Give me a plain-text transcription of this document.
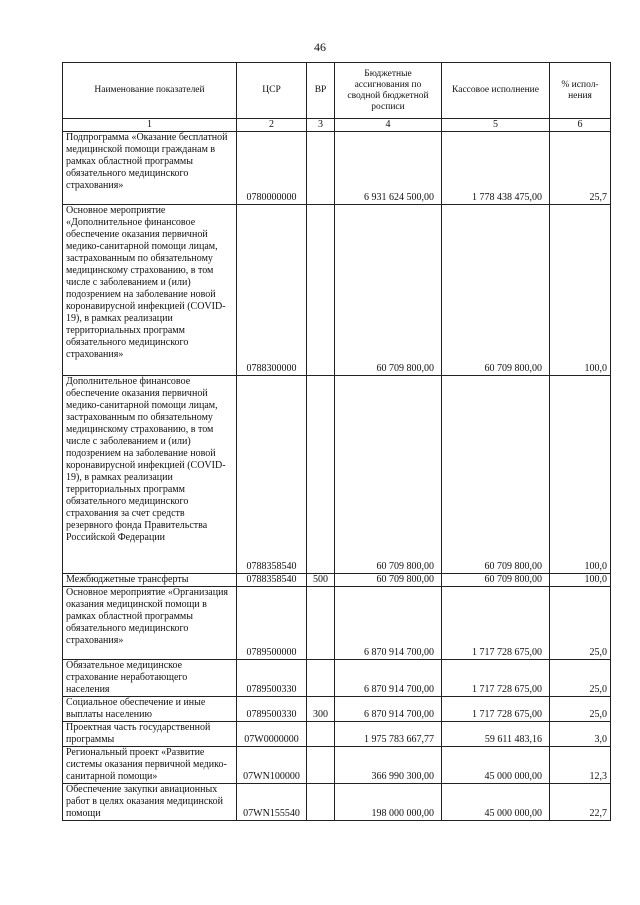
46
Наименование показателей	ЦСР	ВР	Бюджетные ассигнования по сводной бюджетной росписи	Кассовое исполнение	% испол-нения
1	2	3	4	5	6
Подпрограмма «Оказание бесплатной медицинской помощи гражданам в рамках областной программы обязательного медицинского страхования»	0780000000		6 931 624 500,00	1 778 438 475,00	25,7
Основное мероприятие «Дополнительное финансовое обеспечение оказания первичной медико-санитарной помощи лицам, застрахованным по обязательному медицинскому страхованию, в том числе с заболеванием и (или) подозрением на заболевание новой коронавирусной инфекцией (COVID-19), в рамках реализации территориальных программ обязательного медицинского страхования»	0788300000		60 709 800,00	60 709 800,00	100,0
Дополнительное финансовое обеспечение оказания первичной медико-санитарной помощи лицам, застрахованным по обязательному медицинскому страхованию, в том числе с заболеванием и (или) подозрением на заболевание новой коронавирусной инфекцией (COVID-19), в рамках реализации территориальных программ обязательного медицинского страхования за счет средств резервного фонда Правительства Российской Федерации	0788358540		60 709 800,00	60 709 800,00	100,0
Межбюджетные трансферты	0788358540	500	60 709 800,00	60 709 800,00	100,0
Основное мероприятие «Организация оказания медицинской помощи в рамках областной программы обязательного медицинского страхования»	0789500000		6 870 914 700,00	1 717 728 675,00	25,0
Обязательное медицинское страхование неработающего населения	0789500330		6 870 914 700,00	1 717 728 675,00	25,0
Социальное обеспечение и иные выплаты населению	0789500330	300	6 870 914 700,00	1 717 728 675,00	25,0
Проектная часть государственной программы	07W0000000		1 975 783 667,77	59 611 483,16	3,0
Региональный проект «Развитие системы оказания первичной медико-санитарной помощи»	07WN100000		366 990 300,00	45 000 000,00	12,3
Обеспечение закупки авиационных работ в целях оказания медицинской помощи	07WN155540		198 000 000,00	45 000 000,00	22,7
